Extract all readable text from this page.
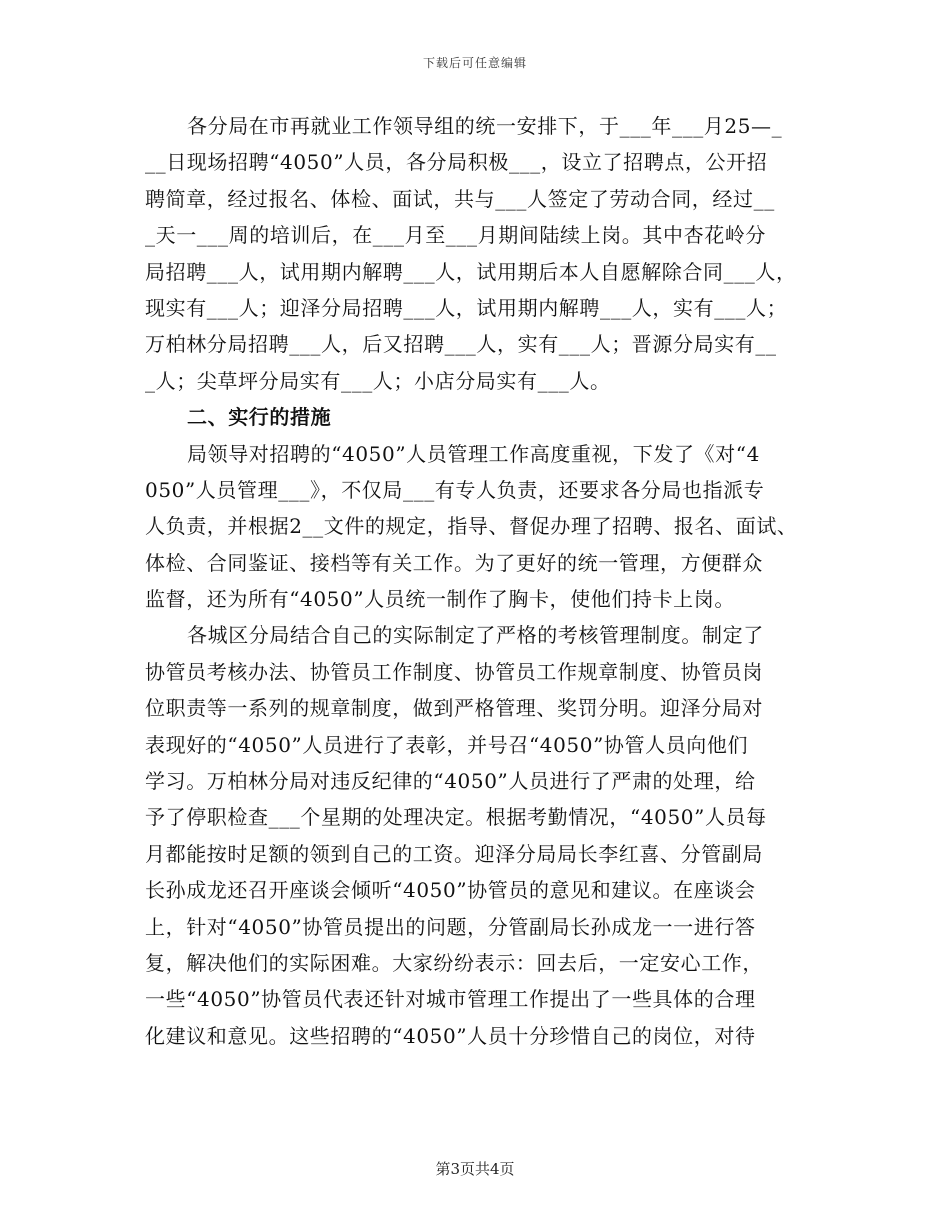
下载后可任意编辑
各分局在市再就业工作领导组的统一安排下，于___年___月25—_
__日现场招聘“4050”人员，各分局积极___，设立了招聘点，公开招
聘简章，经过报名、体检、面试，共与___人签定了劳动合同，经过__
_天一___周的培训后，在___月至___月期间陆续上岗。其中杏花岭分
局招聘___人，试用期内解聘___人，试用期后本人自愿解除合同___人，
现实有___人；迎泽分局招聘___人，试用期内解聘___人，实有___人；
万柏林分局招聘___人，后又招聘___人，实有___人；晋源分局实有__
_人；尖草坪分局实有___人；小店分局实有___人。
二、实行的措施
局领导对招聘的“4050”人员管理工作高度重视，下发了《对“4
050”人员管理___》，不仅局___有专人负责，还要求各分局也指派专
人负责，并根据2__文件的规定，指导、督促办理了招聘、报名、面试、
体检、合同鉴证、接档等有关工作。为了更好的统一管理，方便群众
监督，还为所有“4050”人员统一制作了胸卡，使他们持卡上岗。
各城区分局结合自己的实际制定了严格的考核管理制度。制定了
协管员考核办法、协管员工作制度、协管员工作规章制度、协管员岗
位职责等一系列的规章制度，做到严格管理、奖罚分明。迎泽分局对
表现好的“4050”人员进行了表彰，并号召“4050”协管人员向他们
学习。万柏林分局对违反纪律的“4050”人员进行了严肃的处理，给
予了停职检查___个星期的处理决定。根据考勤情况，“4050”人员每
月都能按时足额的领到自己的工资。迎泽分局局长李红喜、分管副局
长孙成龙还召开座谈会倾听“4050”协管员的意见和建议。在座谈会
上，针对“4050”协管员提出的问题，分管副局长孙成龙一一进行答
复，解决他们的实际困难。大家纷纷表示：回去后，一定安心工作，
一些“4050”协管员代表还针对城市管理工作提出了一些具体的合理
化建议和意见。这些招聘的“4050”人员十分珍惜自己的岗位，对待
第3页共4页
